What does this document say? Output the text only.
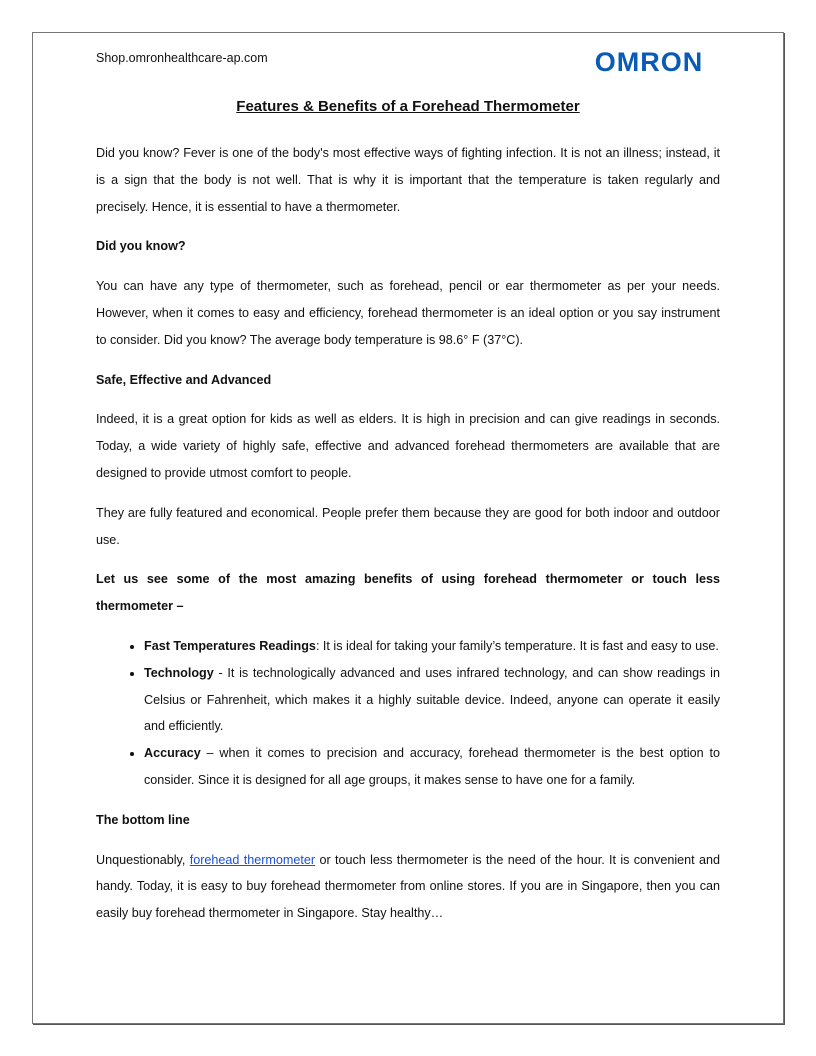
Shop.omronhealthcare-ap.com	OMRON
Features & Benefits of a Forehead Thermometer

Did you know? Fever is one of the body's most effective ways of fighting infection. It is not an illness; instead, it is a sign that the body is not well. That is why it is important that the temperature is taken regularly and precisely. Hence, it is essential to have a thermometer.

Did you know?

You can have any type of thermometer, such as forehead, pencil or ear thermometer as per your needs. However, when it comes to easy and efficiency, forehead thermometer is an ideal option or you say instrument to consider. Did you know? The average body temperature is 98.6° F (37°C).

Safe, Effective and Advanced

Indeed, it is a great option for kids as well as elders. It is high in precision and can give readings in seconds. Today, a wide variety of highly safe, effective and advanced forehead thermometers are available that are designed to provide utmost comfort to people.

They are fully featured and economical. People prefer them because they are good for both indoor and outdoor use.

Let us see some of the most amazing benefits of using forehead thermometer or touch less thermometer –

• Fast Temperatures Readings: It is ideal for taking your family’s temperature. It is fast and easy to use.
• Technology - It is technologically advanced and uses infrared technology, and can show readings in Celsius or Fahrenheit, which makes it a highly suitable device. Indeed, anyone can operate it easily and efficiently.
• Accuracy – when it comes to precision and accuracy, forehead thermometer is the best option to consider. Since it is designed for all age groups, it makes sense to have one for a family.

The bottom line

Unquestionably, forehead thermometer or touch less thermometer is the need of the hour. It is convenient and handy. Today, it is easy to buy forehead thermometer from online stores. If you are in Singapore, then you can easily buy forehead thermometer in Singapore. Stay healthy…
